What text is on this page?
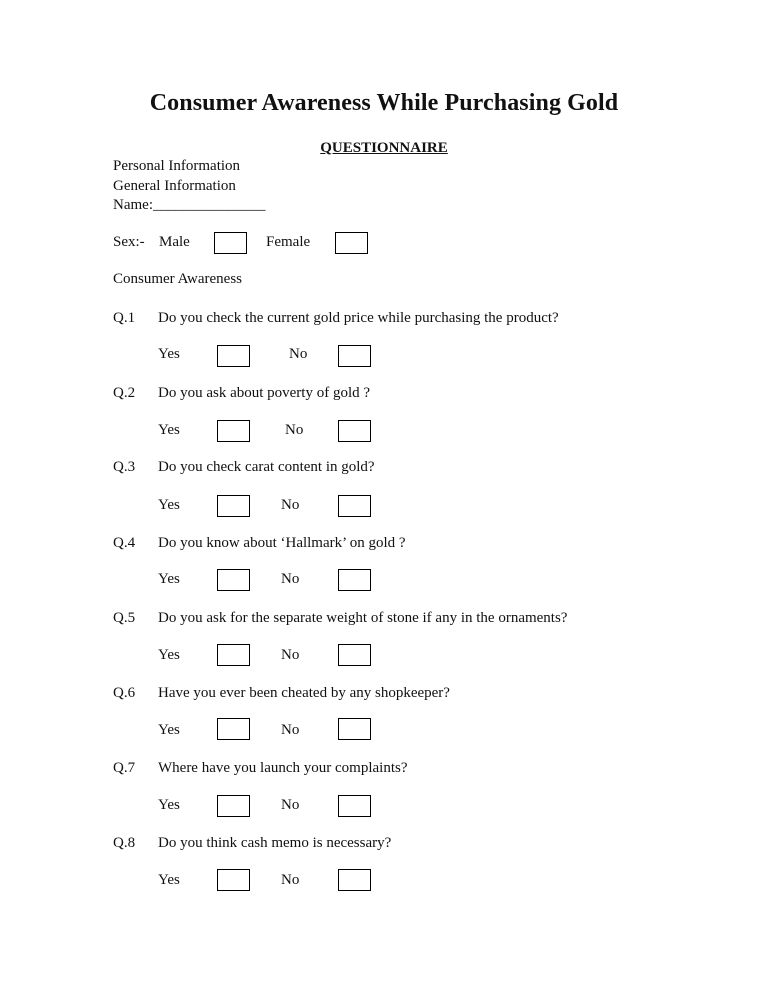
Consumer Awareness While Purchasing Gold
QUESTIONNAIRE
Personal Information
General Information
Name:_______________
Sex:- Male	Female
Consumer Awareness
Q.1 Do you check the current gold price while purchasing the product?
Yes	No
Q.2 Do you ask about poverty of gold ?
Yes	No
Q.3 Do you check carat content in gold?
Yes	No
Q.4 Do you know about ‘Hallmark’ on gold ?
Yes	No
Q.5 Do you ask for the separate weight of stone if any in the ornaments?
Yes	No
Q.6 Have you ever been cheated by any shopkeeper?
Yes	No
Q.7 Where have you launch your complaints?
Yes	No
Q.8 Do you think cash memo is necessary?
Yes	No
